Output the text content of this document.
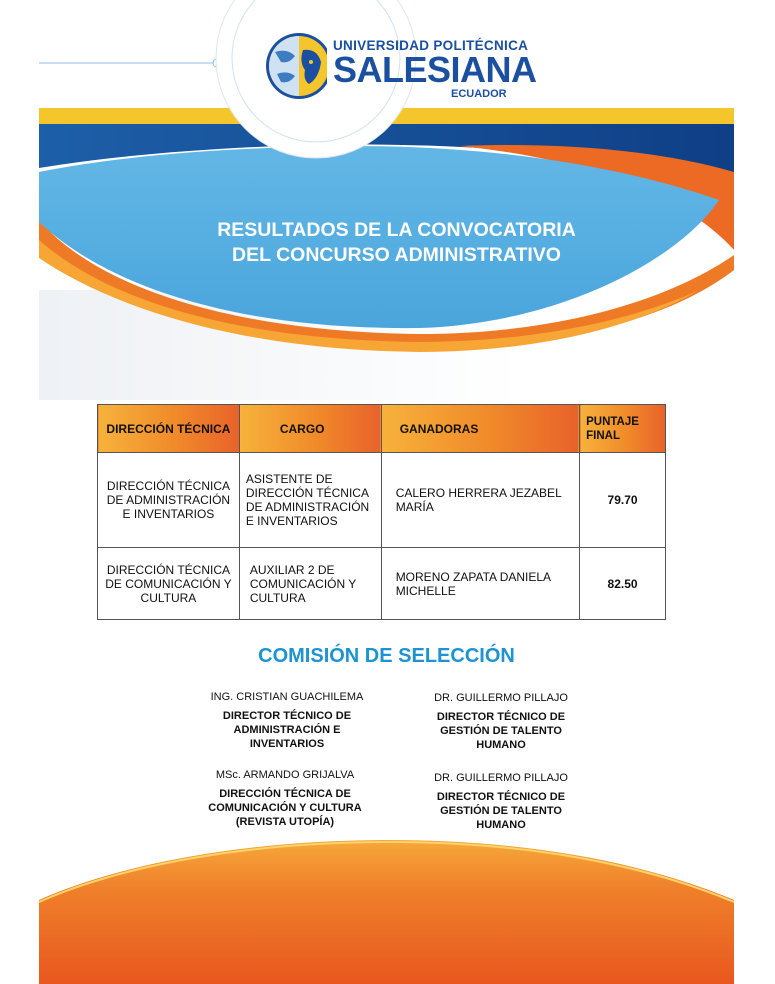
UNIVERSIDAD POLITÉCNICA
SALESIANA
ECUADOR
RESULTADOS DE LA CONVOCATORIA
DEL CONCURSO ADMINISTRATIVO
DIRECCIÓN TÉCNICA	CARGO	GANADORAS	PUNTAJE FINAL
DIRECCIÓN TÉCNICA DE ADMINISTRACIÓN E INVENTARIOS	ASISTENTE DE DIRECCIÓN TÉCNICA DE ADMINISTRACIÓN E INVENTARIOS	CALERO HERRERA JEZABEL MARÍA	79.70
DIRECCIÓN TÉCNICA DE COMUNICACIÓN Y CULTURA	AUXILIAR 2 DE COMUNICACIÓN Y CULTURA	MORENO ZAPATA DANIELA MICHELLE	82.50
COMISIÓN DE SELECCIÓN
ING. CRISTIAN GUACHILEMA
DIRECTOR TÉCNICO DE ADMINISTRACIÓN E INVENTARIOS
DR. GUILLERMO PILLAJO
DIRECTOR TÉCNICO DE GESTIÓN DE TALENTO HUMANO
MSc. ARMANDO GRIJALVA
DIRECCIÓN TÉCNICA DE COMUNICACIÓN Y CULTURA (REVISTA UTOPÍA)
DR. GUILLERMO PILLAJO
DIRECTOR TÉCNICO DE GESTIÓN DE TALENTO HUMANO
